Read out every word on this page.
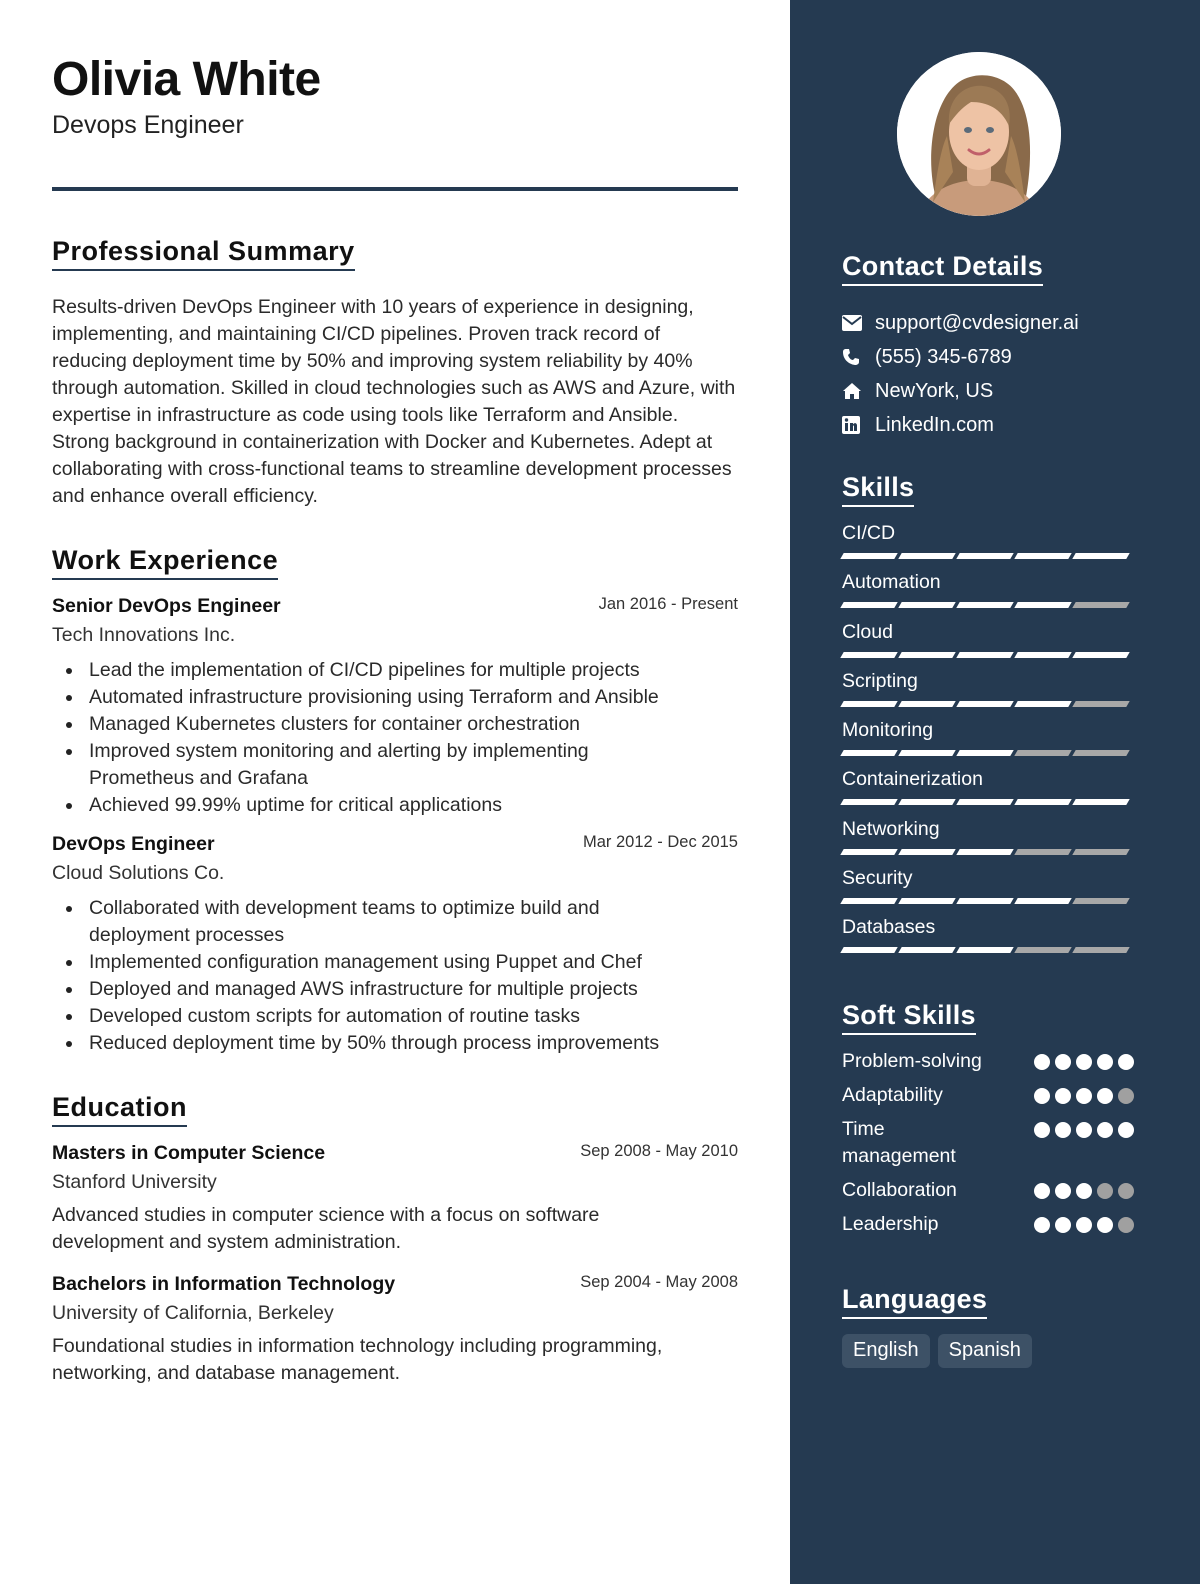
Olivia White
Devops Engineer
Professional Summary
Results-driven DevOps Engineer with 10 years of experience in designing, implementing, and maintaining CI/CD pipelines. Proven track record of reducing deployment time by 50% and improving system reliability by 40% through automation. Skilled in cloud technologies such as AWS and Azure, with expertise in infrastructure as code using tools like Terraform and Ansible. Strong background in containerization with Docker and Kubernetes. Adept at collaborating with cross-functional teams to streamline development processes and enhance overall efficiency.
Work Experience
Senior DevOps Engineer	Jan 2016 - Present
Tech Innovations Inc.
Lead the implementation of CI/CD pipelines for multiple projects
Automated infrastructure provisioning using Terraform and Ansible
Managed Kubernetes clusters for container orchestration
Improved system monitoring and alerting by implementing Prometheus and Grafana
Achieved 99.99% uptime for critical applications
DevOps Engineer	Mar 2012 - Dec 2015
Cloud Solutions Co.
Collaborated with development teams to optimize build and deployment processes
Implemented configuration management using Puppet and Chef
Deployed and managed AWS infrastructure for multiple projects
Developed custom scripts for automation of routine tasks
Reduced deployment time by 50% through process improvements
Education
Masters in Computer Science	Sep 2008 - May 2010
Stanford University
Advanced studies in computer science with a focus on software development and system administration.
Bachelors in Information Technology	Sep 2004 - May 2008
University of California, Berkeley
Foundational studies in information technology including programming, networking, and database management.
Contact Details
support@cvdesigner.ai
(555) 345-6789
NewYork, US
LinkedIn.com
Skills
CI/CD
Automation
Cloud
Scripting
Monitoring
Containerization
Networking
Security
Databases
Soft Skills
Problem-solving
Adaptability
Time management
Collaboration
Leadership
Languages
English	Spanish
